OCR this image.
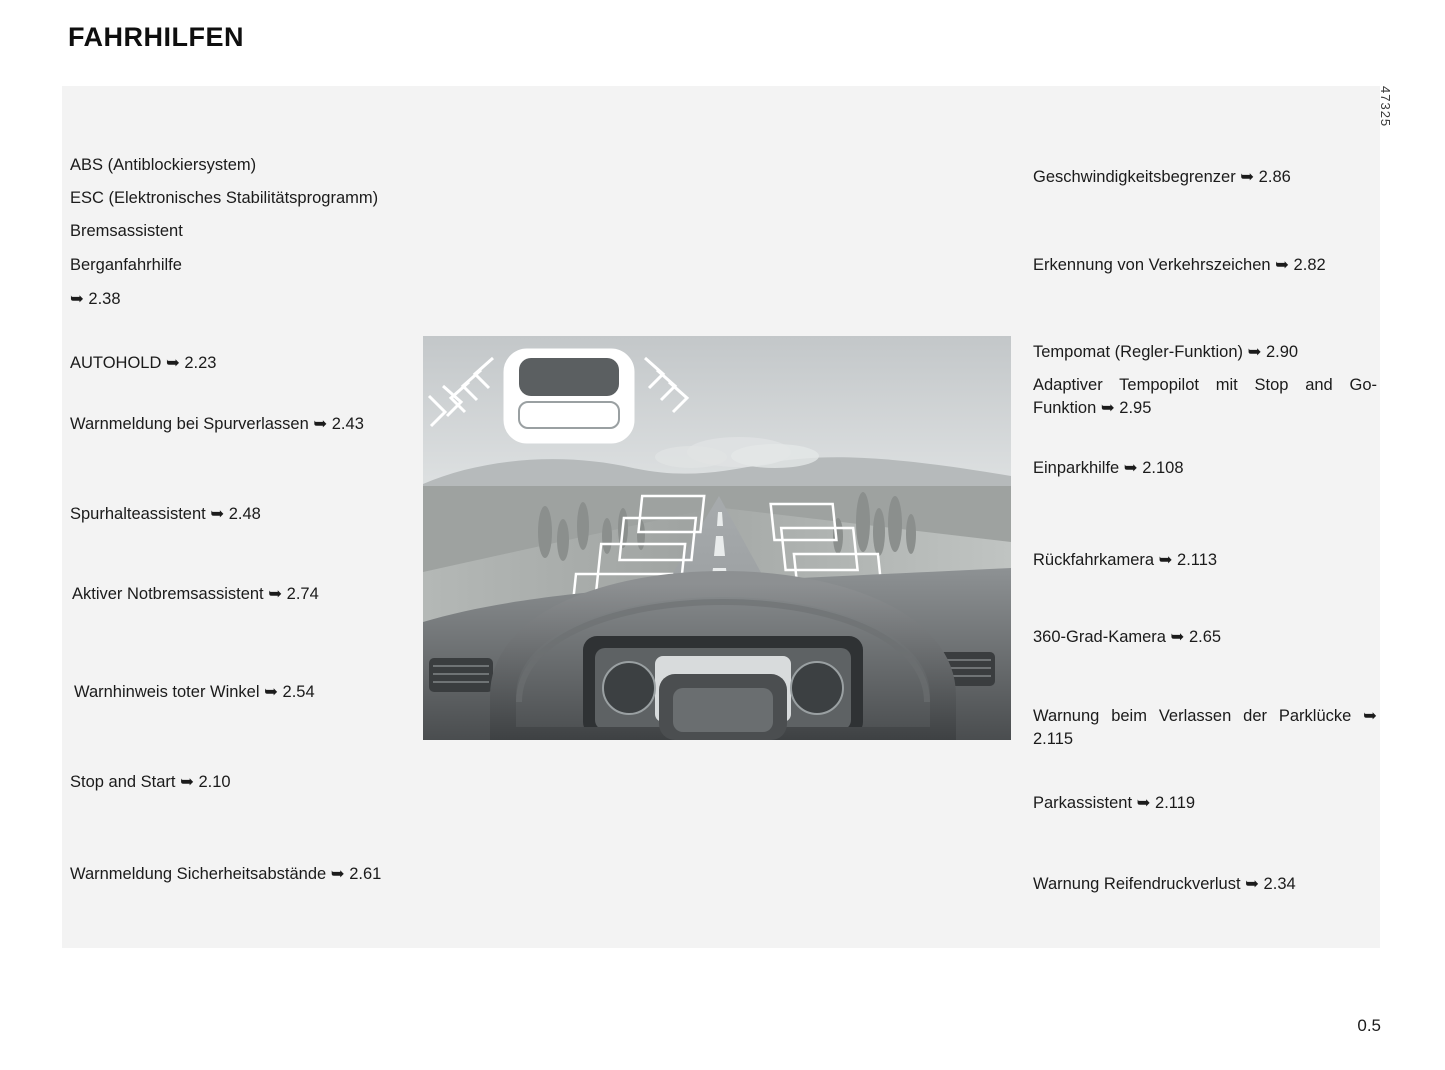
FAHRHILFEN
47325
ABS (Antiblockiersystem)
ESC (Elektronisches Stabilitätsprogramm)
Bremsassistent
Berganfahrhilfe
➥ 2.38
AUTOHOLD ➥ 2.23
Warnmeldung bei Spurverlassen ➥ 2.43
Spurhalteassistent ➥ 2.48
Aktiver Notbremsassistent ➥ 2.74
Warnhinweis toter Winkel ➥ 2.54
Stop and Start ➥ 2.10
Warnmeldung Sicherheitsabstände ➥ 2.61
Geschwindigkeitsbegrenzer ➥ 2.86
Erkennung von Verkehrszeichen ➥ 2.82
Tempomat (Regler-Funktion) ➥ 2.90
Adaptiver Tempopilot mit Stop and Go-Funktion ➥ 2.95
Einparkhilfe ➥ 2.108
Rückfahrkamera ➥ 2.113
360-Grad-Kamera ➥ 2.65
Warnung beim Verlassen der Parklücke ➥ 2.115
Parkassistent ➥ 2.119
Warnung Reifendruckverlust ➥ 2.34
0.5
